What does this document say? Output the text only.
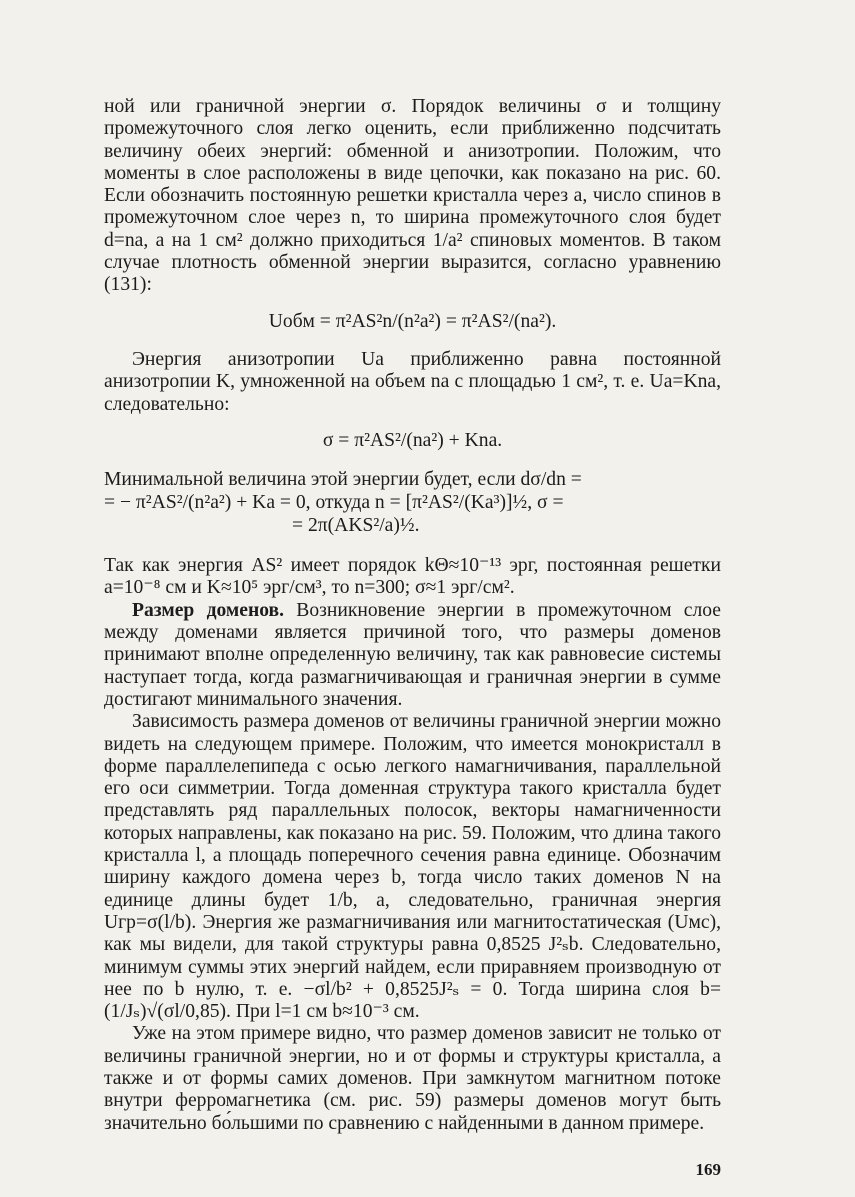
ной или граничной энергии σ. Порядок величины σ и толщину промежуточного слоя легко оценить, если приближенно подсчитать величину обеих энергий: обменной и анизотропии. Положим, что моменты в слое расположены в виде цепочки, как показано на рис. 60. Если обозначить постоянную решетки кристалла через a, число спинов в промежуточном слое через n, то ширина промежуточного слоя будет d=na, а на 1 см² должно приходиться 1/a² спиновых моментов. В таком случае плотность обменной энергии выразится, согласно уравнению (131):

Uобм = π²AS²n/(n²a²) = π²AS²/(na²).

Энергия анизотропии Uа приближенно равна постоянной анизотропии K, умноженной на объем na с площадью 1 см², т. е. Uа=Kna, следовательно:

σ = π²AS²/(na²) + Kna.
Минимальной величина этой энергии будет, если dσ/dn =
= − π²AS²/(n²a²) + Ka = 0, откуда n = [π²AS²/(Ka³)]½, σ =
= 2π(AKS²/a)½.

Так как энергия AS² имеет порядок kΘ≈10⁻¹³ эрг, постоянная решетки a=10⁻⁸ см и K≈10⁵ эрг/см³, то n=300; σ≈1 эрг/см².

Размер доменов. Возникновение энергии в промежуточном слое между доменами является причиной того, что размеры доменов принимают вполне определенную величину, так как равновесие системы наступает тогда, когда размагничивающая и граничная энергии в сумме достигают минимального значения.

Зависимость размера доменов от величины граничной энергии можно видеть на следующем примере. Положим, что имеется монокристалл в форме параллелепипеда с осью легкого намагничивания, параллельной его оси симметрии. Тогда доменная структура такого кристалла будет представлять ряд параллельных полосок, векторы намагниченности которых направлены, как показано на рис. 59. Положим, что длина такого кристалла l, а площадь поперечного сечения равна единице. Обозначим ширину каждого домена через b, тогда число таких доменов N на единице длины будет 1/b, а, следовательно, граничная энергия Uгр=σ(l/b). Энергия же размагничивания или магнитостатическая (Uмс), как мы видели, для такой структуры равна 0,8525 J²ₛb. Следовательно, минимум суммы этих энергий найдем, если приравняем производную от нее по b нулю, т. е. −σl/b² + 0,8525J²ₛ = 0. Тогда ширина слоя b=(1/Jₛ)√(σl/0,85). При l=1 см b≈10⁻³ см.

Уже на этом примере видно, что размер доменов зависит не только от величины граничной энергии, но и от формы и структуры кристалла, а также и от формы самих доменов. При замкнутом магнитном потоке внутри ферромагнетика (см. рис. 59) размеры доменов могут быть значительно бо́льшими по сравнению с найденными в данном примере.

169
